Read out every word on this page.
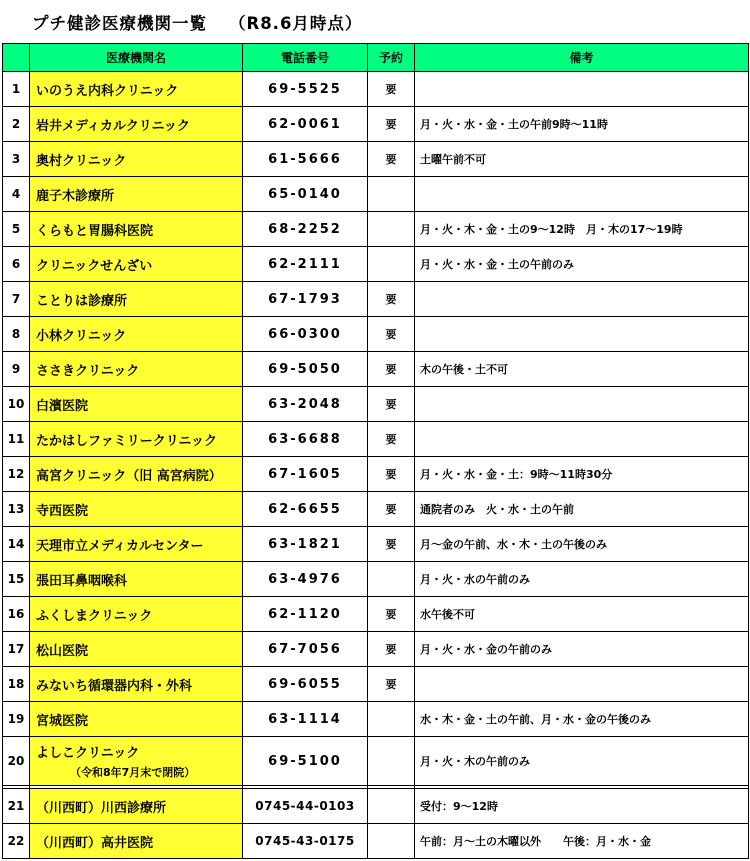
プチ健診医療機関一覧 （R8.6月時点）
	医療機関名	電話番号	予約	備考
1	いのうえ内科クリニック	69-5525	要	
2	岩井メディカルクリニック	62-0061	要	月・火・水・金・土の午前9時～11時
3	奥村クリニック	61-5666	要	土曜午前不可
4	鹿子木診療所	65-0140		
5	くらもと胃腸科医院	68-2252		月・火・木・金・土の9～12時　月・木の17～19時
6	クリニックせんざい	62-2111		月・火・水・金・土の午前のみ
7	ことりは診療所	67-1793	要	
8	小林クリニック	66-0300	要	
9	ささきクリニック	69-5050	要	木の午後・土不可
10	白濱医院	63-2048	要	
11	たかはしファミリークリニック	63-6688	要	
12	高宮クリニック（旧 高宮病院）	67-1605	要	月・火・水・金・土：9時～11時30分
13	寺西医院	62-6655	要	通院者のみ　火・水・土の午前
14	天理市立メディカルセンター	63-1821	要	月～金の午前、水・木・土の午後のみ
15	張田耳鼻咽喉科	63-4976		月・火・水の午前のみ
16	ふくしまクリニック	62-1120	要	水午後不可
17	松山医院	67-7056	要	月・火・水・金の午前のみ
18	みないち循環器内科・外科	69-6055	要	
19	宮城医院	63-1114		水・木・金・土の午前、月・水・金の午後のみ
20	よしこクリニック
（令和8年7月末で閉院）	69-5100		月・火・木の午前のみ

21	（川西町）川西診療所	0745-44-0103		受付：9～12時
22	（川西町）高井医院	0745-43-0175		午前：月～土の木曜以外　　午後：月・水・金
